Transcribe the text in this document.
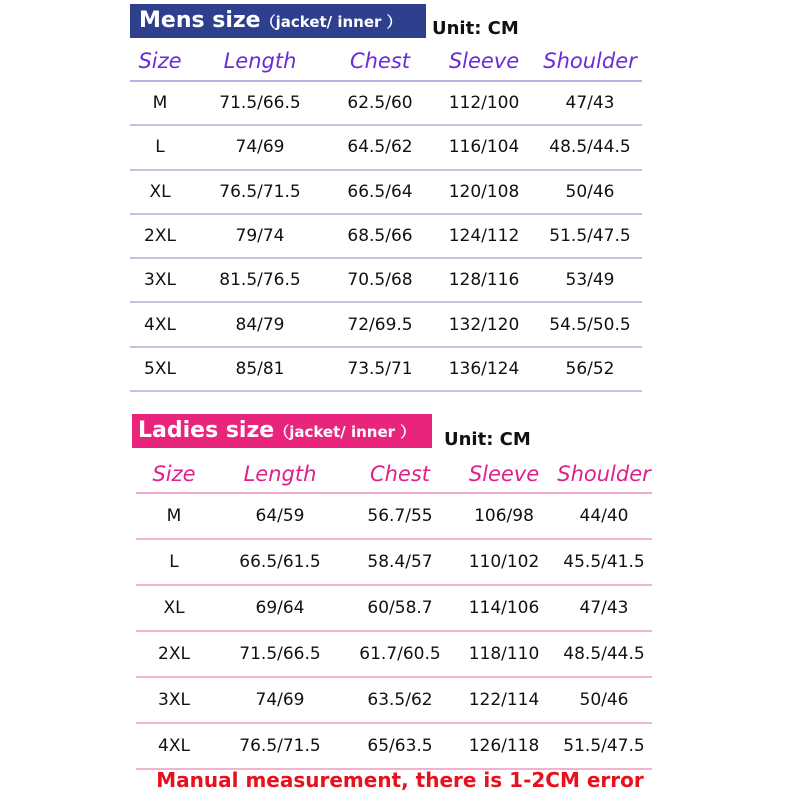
Mens size（jacket/ inner ）	Unit: CM
Size	Length	Chest	Sleeve	Shoulder
M	71.5/66.5	62.5/60	112/100	47/43
L	74/69	64.5/62	116/104	48.5/44.5
XL	76.5/71.5	66.5/64	120/108	50/46
2XL	79/74	68.5/66	124/112	51.5/47.5
3XL	81.5/76.5	70.5/68	128/116	53/49
4XL	84/79	72/69.5	132/120	54.5/50.5
5XL	85/81	73.5/71	136/124	56/52
Ladies size（jacket/ inner ）	Unit: CM
Size	Length	Chest	Sleeve Shoulder
M	64/59	56.7/55	106/98	44/40
L	66.5/61.5	58.4/57	110/102	45.5/41.5
XL	69/64	60/58.7	114/106	47/43
2XL	71.5/66.5	61.7/60.5	118/110	48.5/44.5
3XL	74/69	63.5/62	122/114	50/46
4XL	76.5/71.5	65/63.5	126/118	51.5/47.5
Manual measurement, there is 1-2CM error
